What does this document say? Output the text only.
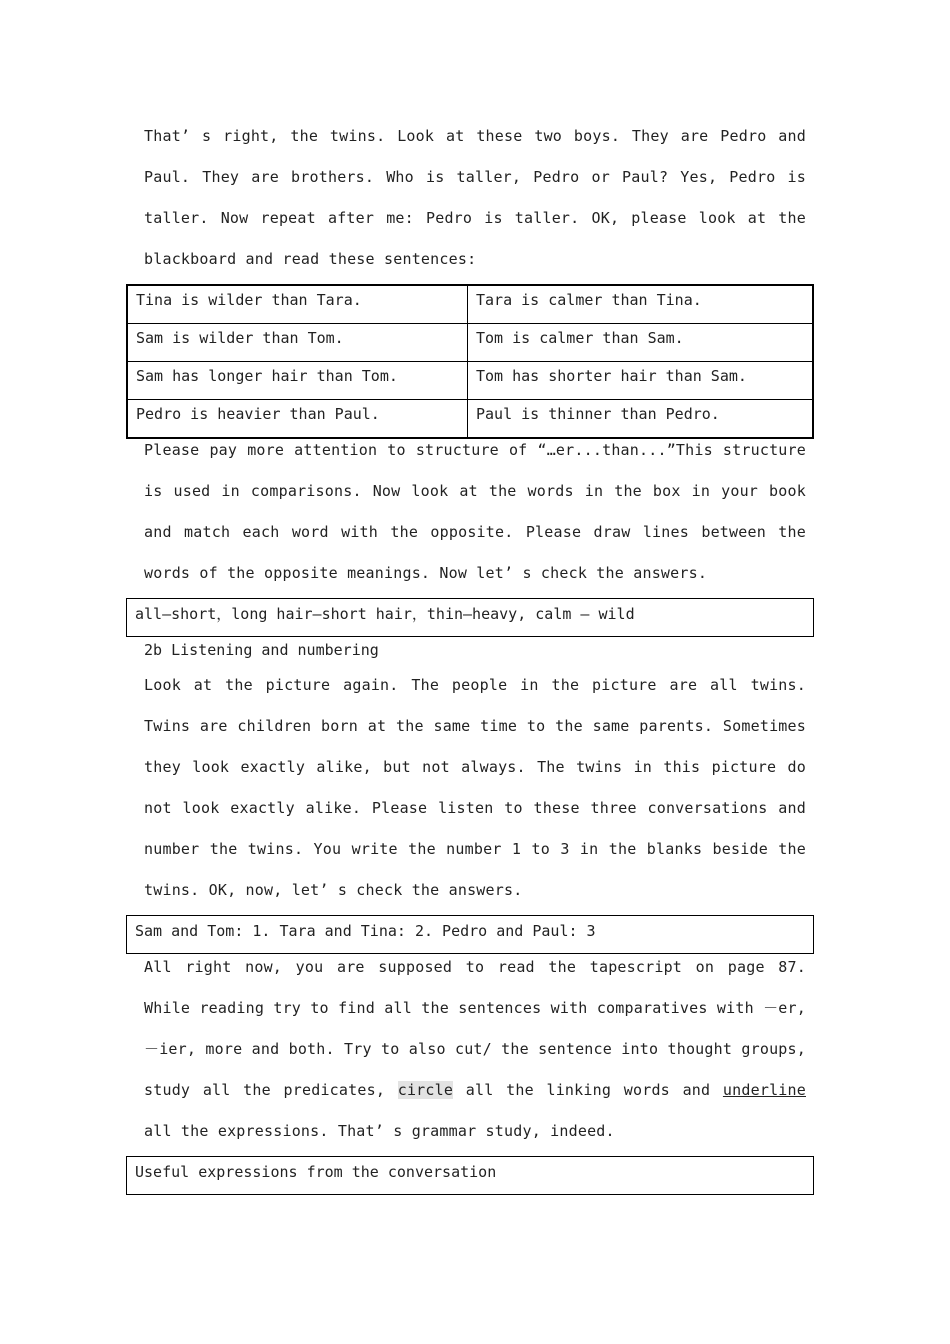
That’ s right, the twins. Look at these two boys. They are Pedro and Paul. They are brothers. Who is taller, Pedro or Paul? Yes, Pedro is taller. Now repeat after me: Pedro is taller. OK, please look at the blackboard and read these sentences:
Tina is wilder than Tara.	Tara is calmer than Tina.
Sam is wilder than Tom.	Tom is calmer than Sam.
Sam has longer hair than Tom.	Tom has shorter hair than Sam.
Pedro is heavier than Paul.	Paul is thinner than Pedro.
Please pay more attention to structure of “…er...than...”This structure is used in comparisons. Now look at the words in the box in your book and match each word with the opposite. Please draw lines between the words of the opposite meanings. Now let’ s check the answers.
all—short，long hair—short hair，thin—heavy, calm — wild
2b Listening and numbering
Look at the picture again. The people in the picture are all twins. Twins are children born at the same time to the same parents. Sometimes they look exactly alike, but not always. The twins in this picture do not look exactly alike. Please listen to these three conversations and number the twins. You write the number 1 to 3 in the blanks beside the twins. OK, now, let’ s check the answers.
Sam and Tom: 1. Tara and Tina: 2. Pedro and Paul: 3
All right now, you are supposed to read the tapescript on page 87. While reading try to find all the sentences with comparatives with －er, －ier, more and both. Try to also cut/ the sentence into thought groups, study all the predicates, circle all the linking words and underline all the expressions. That’ s grammar study, indeed.
Useful expressions from the conversation
